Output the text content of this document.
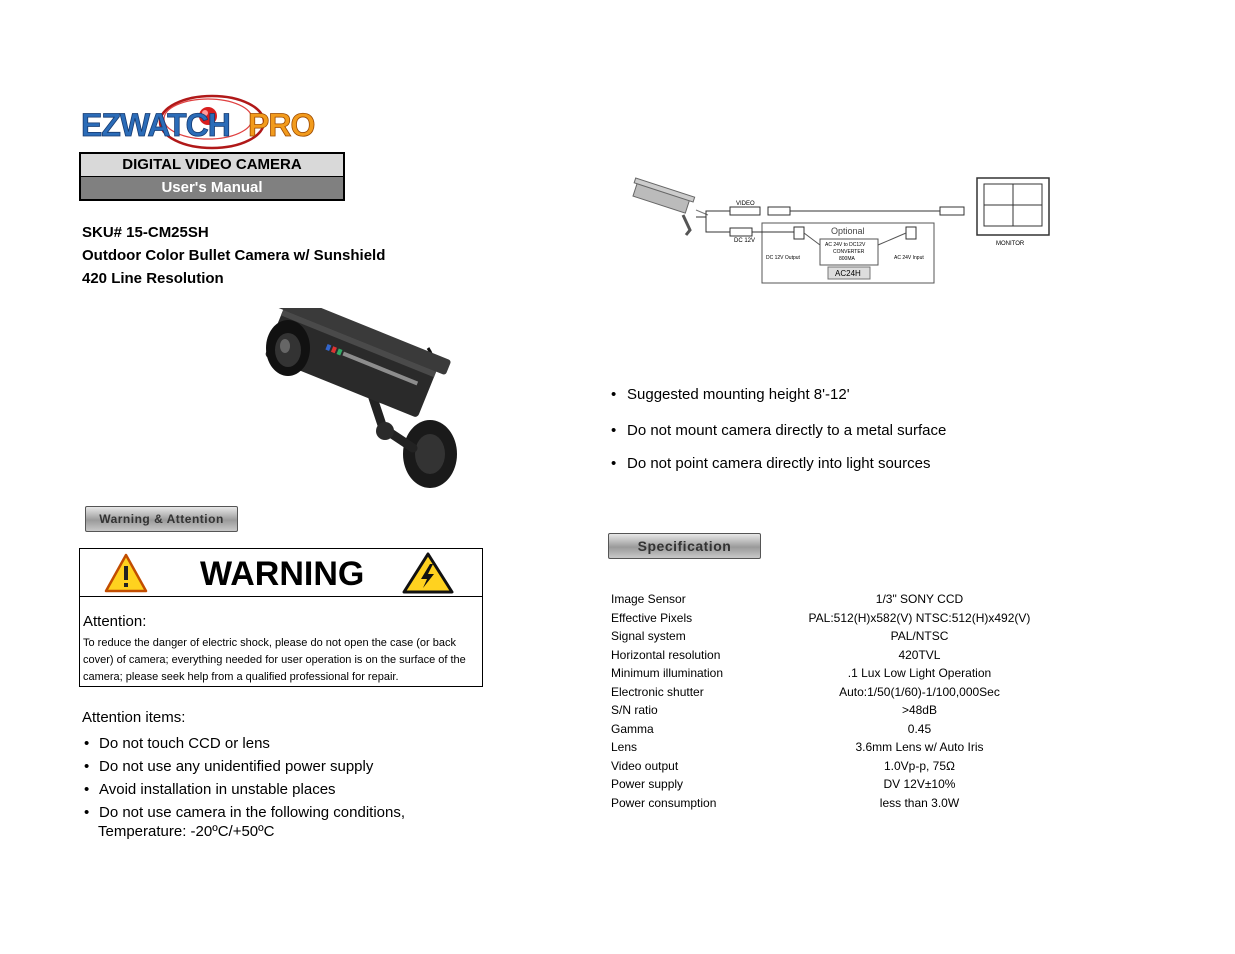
EZWATCH PRO
DIGITAL VIDEO CAMERA
User's Manual
SKU# 15-CM25SH
Outdoor Color Bullet Camera w/ Sunshield
420 Line Resolution
Warning & Attention
WARNING
Attention:
To reduce the danger of electric shock, please do not open the case (or back cover) of camera; everything needed for user operation is on the surface of the camera; please seek help from a qualified professional for repair.
Attention items:
• Do not touch CCD or lens
• Do not use any unidentified power supply
• Avoid installation in unstable places
• Do not use camera in the following conditions,
Temperature: -20ºC/+50ºC
VIDEO
DC 12V	MONITOR
Optional
AC 24V to DC12V
CONVERTER
800MA
DC 12V Output	AC 24V Input
AC24H
• Suggested mounting height 8'-12'
• Do not mount camera directly to a metal surface
• Do not point camera directly into light sources
Specification
Image Sensor	1/3" SONY CCD
Effective Pixels	PAL:512(H)x582(V) NTSC:512(H)x492(V)
Signal system	PAL/NTSC
Horizontal resolution	420TVL
Minimum illumination	.1 Lux Low Light Operation
Electronic shutter	Auto:1/50(1/60)-1/100,000Sec
S/N ratio	>48dB
Gamma	0.45
Lens	3.6mm Lens w/ Auto Iris
Video output	1.0Vp-p, 75Ω
Power supply	DV 12V±10%
Power consumption	less than 3.0W
